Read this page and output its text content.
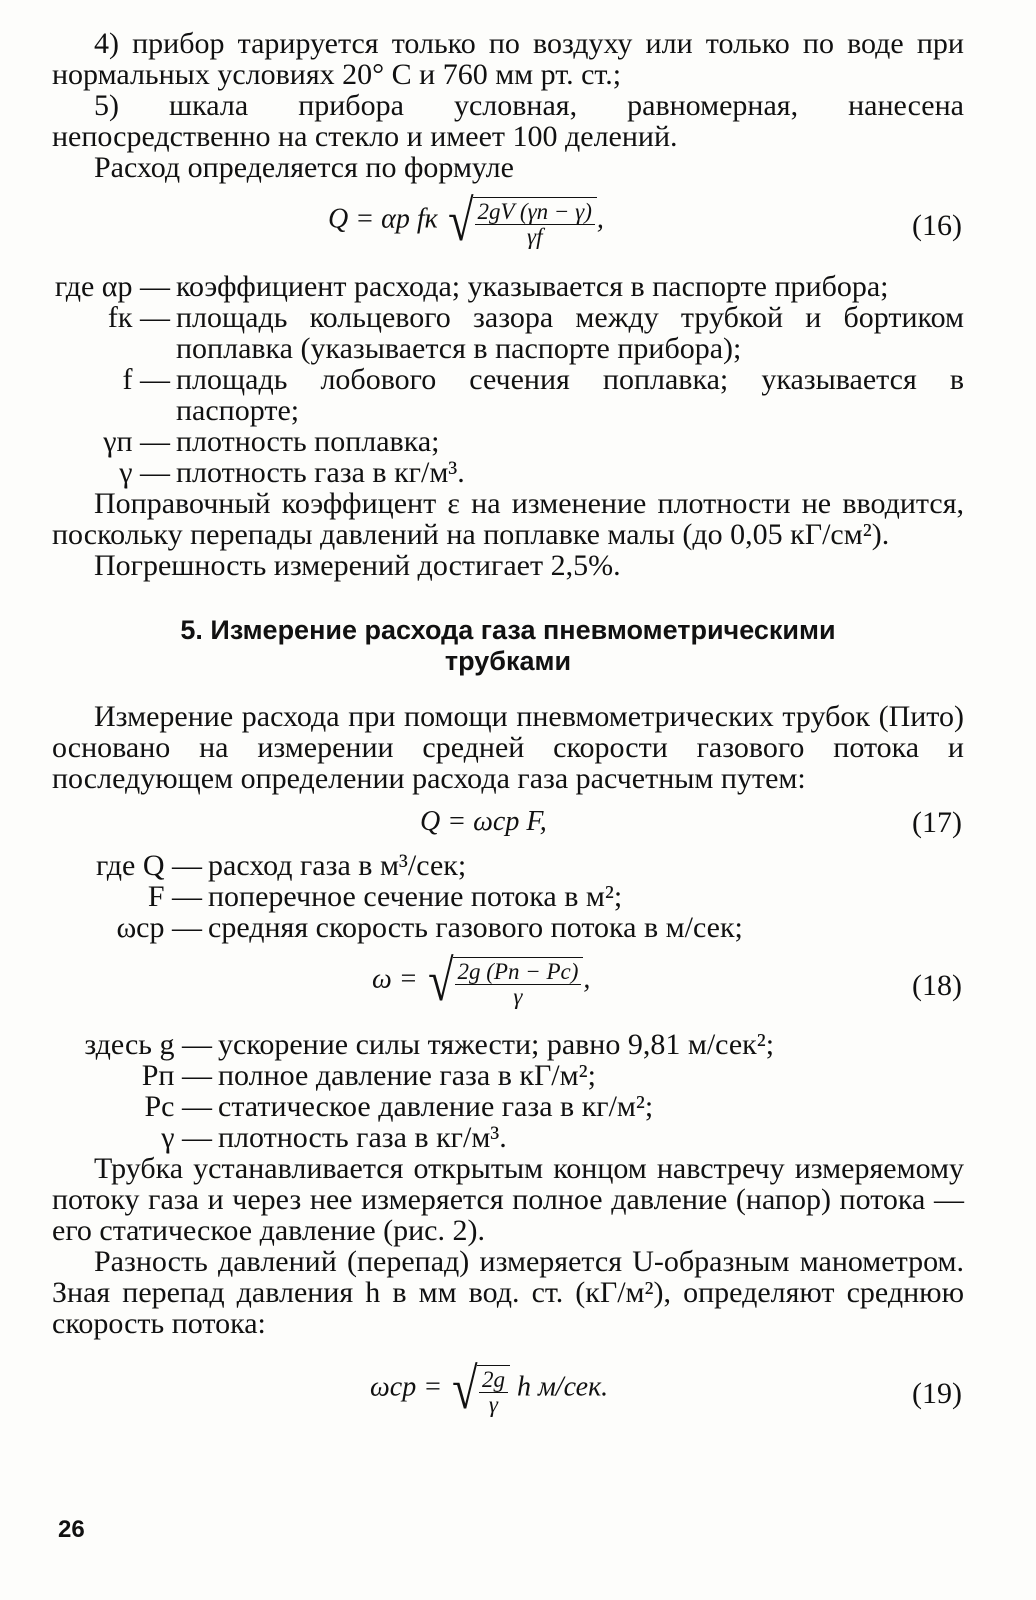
4) прибор тарируется только по воздуху или только по воде при нормальных условиях 20° С и 760 мм рт. ст.;

5) шкала прибора условная, равномерная, нанесена непосредственно на стекло и имеет 100 делений.

Расход определяется по формуле

Q = αр fк √ $\frac{2gV (\gamma п - \gamma)}{\gamma f}$ ,	(16)
где αр — коэффициент расхода; указывается в паспорте прибора;
fк — площадь кольцевого зазора между трубкой и бортиком поплавка (указывается в паспорте прибора);
f — площадь лобового сечения поплавка; указывается в паспорте;
γп — плотность поплавка;
γ — плотность газа в кг/м³.

Поправочный коэффицент ε на изменение плотности не вводится, поскольку перепады давлений на поплавке малы (до 0,05 кГ/см²).

Погрешность измерений достигает 2,5%.

5. Измерение расхода газа пневмометрическими

трубками

Измерение расхода при помощи пневмометрических трубок (Пито) основано на измерении средней скорости газового потока и последующем определении расхода газа расчетным путем:

Q = ωср F,	(17)
где Q — расход газа в м³/сек;
F — поперечное сечение потока в м²;
ωср — средняя скорость газового потока в м/сек;
ω = √ $\frac{2g (Pп - Pс)}{\gamma}$ ,	(18)
здесь g — ускорение силы тяжести; равно 9,81 м/сек²;
Pп — полное давление газа в кГ/м²;
Pс — статическое давление газа в кг/м²;
γ — плотность газа в кг/м³.

Трубка устанавливается открытым концом навстречу измеряемому потоку газа и через нее измеряется полное давление (напор) потока — его статическое давление (рис. 2).

Разность давлений (перепад) измеряется U-образным манометром. Зная перепад давления h в мм вод. ст. (кГ/м²), определяют среднюю скорость потока:

ωср = √ $\frac{2g}{\gamma}$ h м/сек.	(19)
26
